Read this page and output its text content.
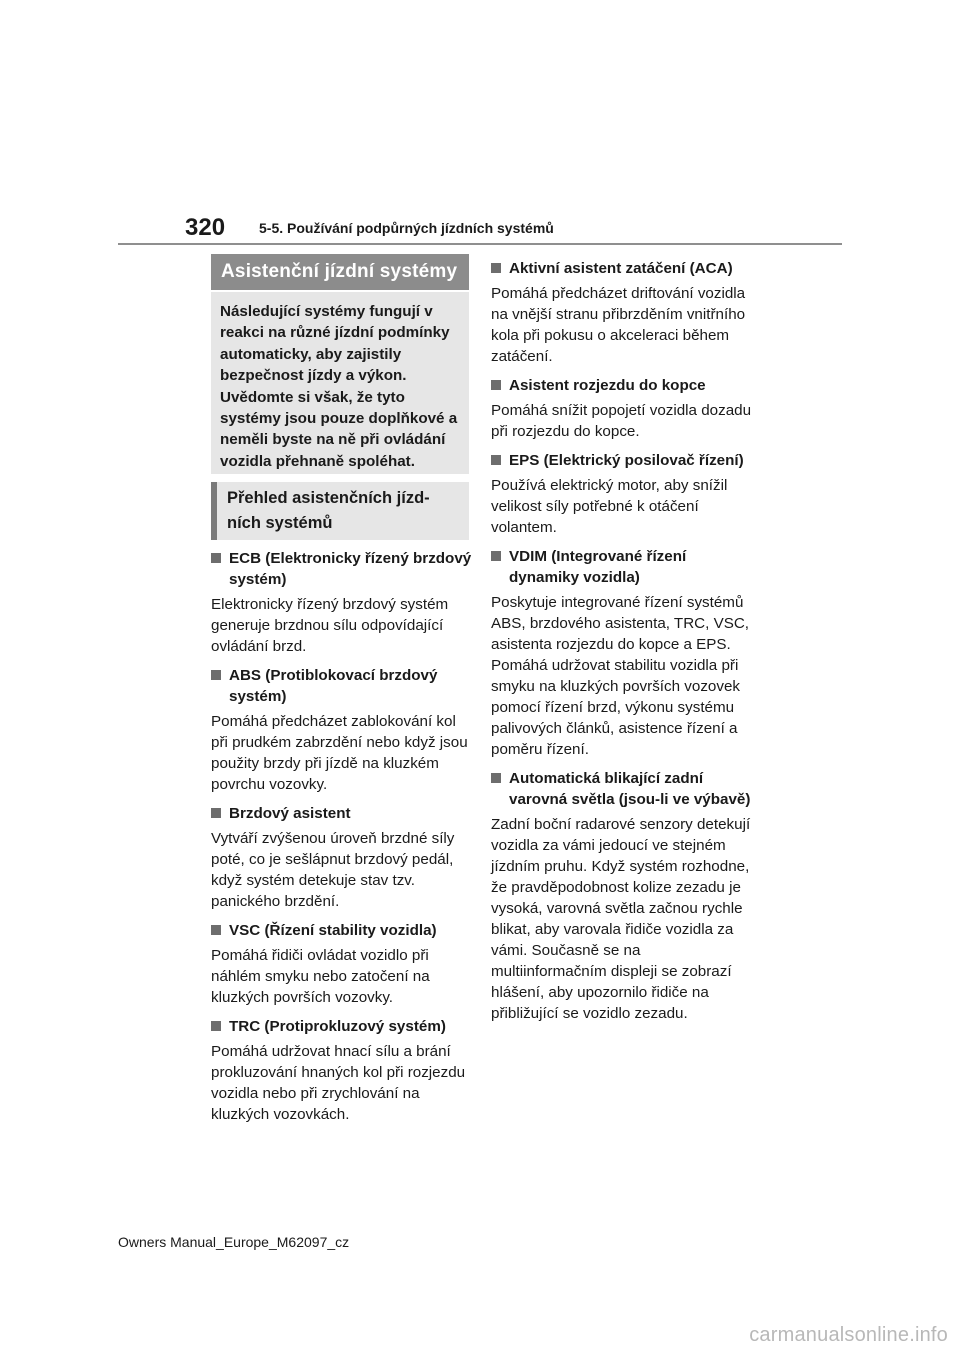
320 5-5. Používání podpůrných jízdních systémů
Asistenční jízdní systémy

Následující systémy fungují v reakci na různé jízdní podmínky automaticky, aby zajistily bezpečnost jízdy a výkon. Uvědomte si však, že tyto systémy jsou pouze doplňkové a neměli byste na ně při ovládání vozidla přehnaně spoléhat.

Přehled asistenčních jízd-
ních systémů
ECB (Elektronicky řízený brzdový systém)

Elektronicky řízený brzdový systém generuje brzdnou sílu odpovídající ovládání brzd.

ABS (Protiblokovací brzdový systém)

Pomáhá předcházet zablokování kol při prudkém zabrzdění nebo když jsou použity brzdy při jízdě na kluzkém povrchu vozovky.

Brzdový asistent

Vytváří zvýšenou úroveň brzdné síly poté, co je sešlápnut brzdový pedál, když systém detekuje stav tzv. panického brzdění.

VSC (Řízení stability vozidla)

Pomáhá řidiči ovládat vozidlo při náhlém smyku nebo zatočení na kluzkých površích vozovky.

TRC (Protiprokluzový systém)

Pomáhá udržovat hnací sílu a brání prokluzování hnaných kol při rozjezdu vozidla nebo při zrychlování na kluzkých vozovkách.

Aktivní asistent zatáčení (ACA)

Pomáhá předcházet driftování vozidla na vnější stranu přibrzděním vnitřního kola při pokusu o akceleraci během zatáčení.

Asistent rozjezdu do kopce

Pomáhá snížit popojetí vozidla dozadu při rozjezdu do kopce.

EPS (Elektrický posilovač řízení)

Používá elektrický motor, aby snížil velikost síly potřebné k otáčení volantem.

VDIM (Integrované řízení dynamiky vozidla)

Poskytuje integrované řízení systémů ABS, brzdového asistenta, TRC, VSC, asistenta rozjezdu do kopce a EPS. Pomáhá udržovat stabilitu vozidla při smyku na kluzkých površích vozovek pomocí řízení brzd, výkonu systému palivových článků, asistence řízení a poměru řízení.

Automatická blikající zadní varovná světla (jsou-li ve výbavě)

Zadní boční radarové senzory detekují vozidla za vámi jedoucí ve stejném jízdním pruhu. Když systém rozhodne, že pravděpodobnost kolize zezadu je vysoká, varovná světla začnou rychle blikat, aby varovala řidiče vozidla za vámi. Současně se na multiinformačním displeji se zobrazí hlášení, aby upozornilo řidiče na přibližující se vozidlo zezadu.

Owners Manual_Europe_M62097_cz
carmanualsonline.info
